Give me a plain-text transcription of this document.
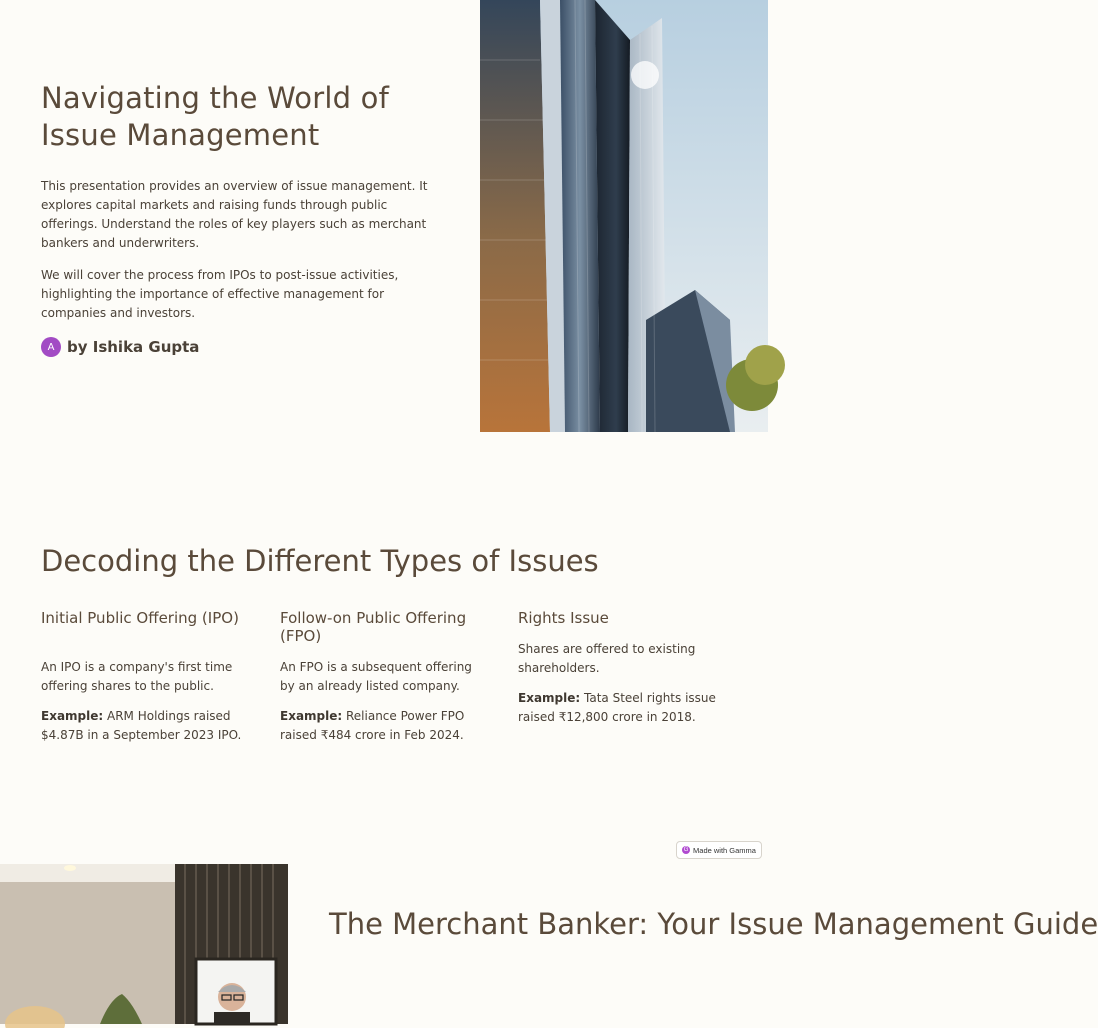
Navigating the World of
Issue Management

This presentation provides an overview of issue management. It explores capital markets and raising funds through public offerings. Understand the roles of key players such as merchant bankers and underwriters.

We will cover the process from IPOs to post-issue activities, highlighting the importance of effective management for companies and investors.

A by Ishika Gupta
Decoding the Different Types of Issues
Initial Public Offering (IPO)

An IPO is a company's first time offering shares to the public.

Example: ARM Holdings raised $4.87B in a September 2023 IPO.

Follow-on Public Offering (FPO)

An FPO is a subsequent offering by an already listed company.

Example: Reliance Power FPO raised ₹484 crore in Feb 2024.

Rights Issue

Shares are offered to existing shareholders.

Example: Tata Steel rights issue raised ₹12,800 crore in 2018.

G Made with Gamma
The Merchant Banker: Your Issue Management Guide
